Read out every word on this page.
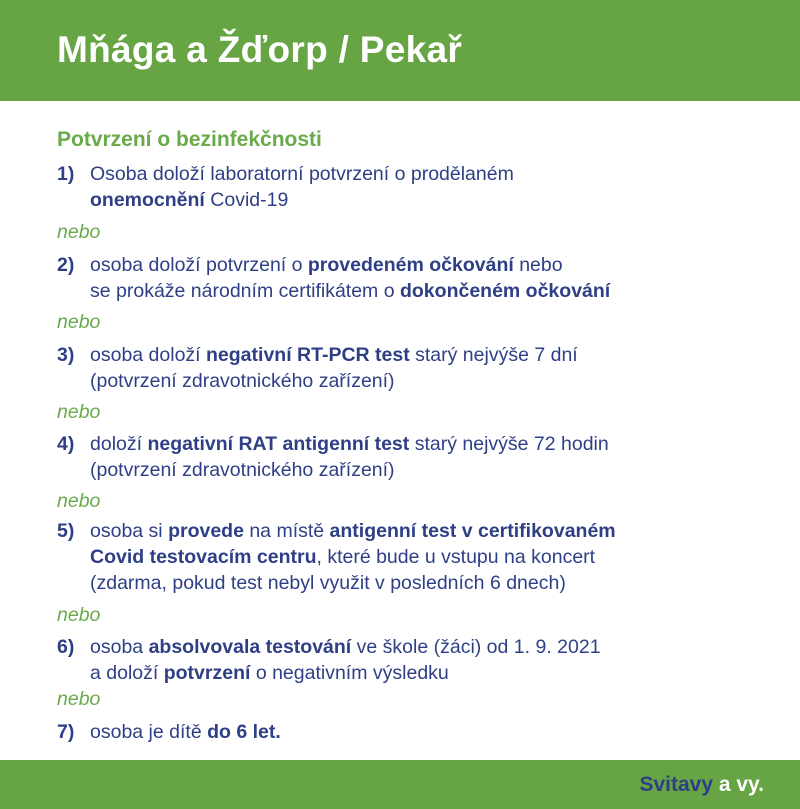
Mňága a Žďorp / Pekař
Potvrzení o bezinfekčnosti
1) Osoba doloží laboratorní potvrzení o prodělaném
onemocnění Covid-19
nebo
2) osoba doloží potvrzení o provedeném očkování nebo
se prokáže národním certifikátem o dokončeném očkování
nebo
3) osoba doloží negativní RT-PCR test starý nejvýše 7 dní
(potvrzení zdravotnického zařízení)
nebo
4) doloží negativní RAT antigenní test starý nejvýše 72 hodin
(potvrzení zdravotnického zařízení)
nebo
5) osoba si provede na místě antigenní test v certifikovaném
Covid testovacím centru, které bude u vstupu na koncert
(zdarma, pokud test nebyl využit v posledních 6 dnech)
nebo
6) osoba absolvovala testování ve škole (žáci) od 1. 9. 2021
a doloží potvrzení o negativním výsledku
nebo
7) osoba je dítě do 6 let.
Svitavy a vy.
